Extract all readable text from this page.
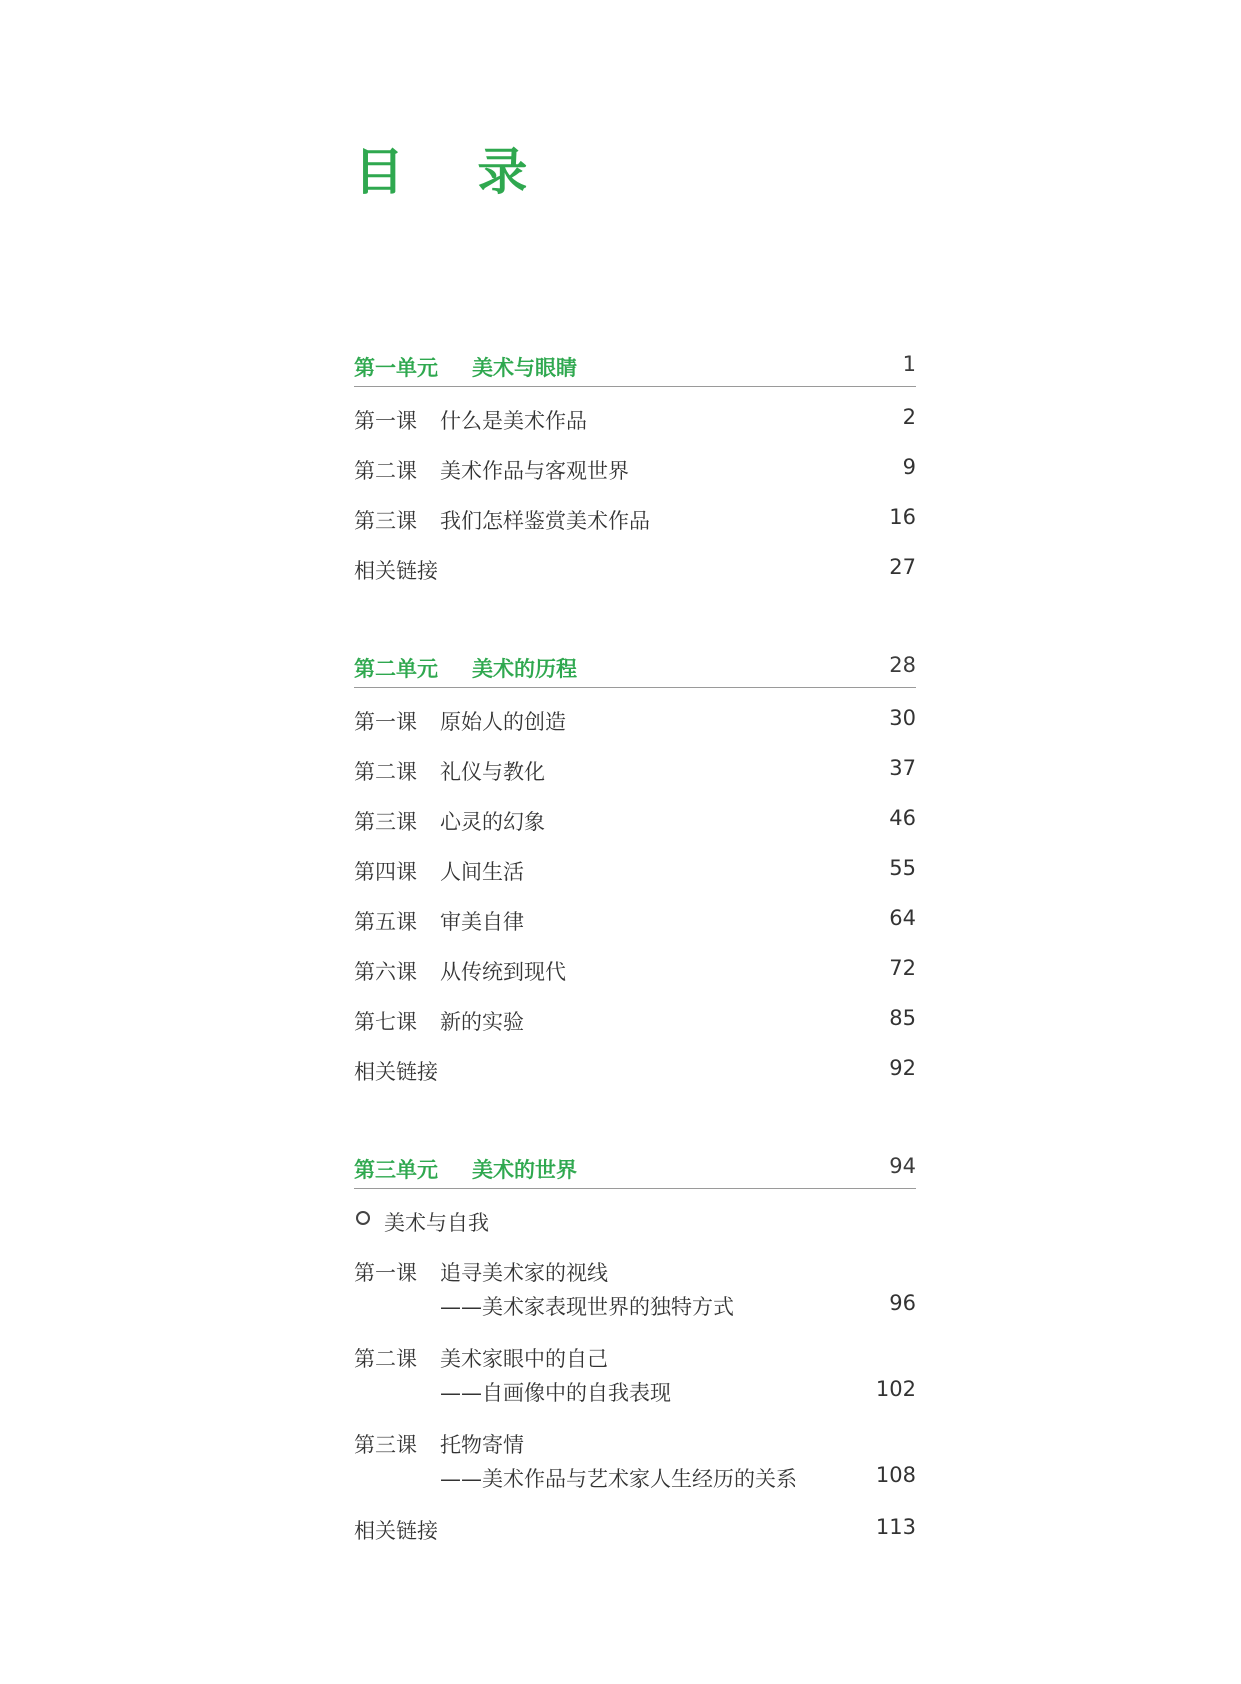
目 录
第一单元 美术与眼睛	1
第一课 什么是美术作品	2
第二课 美术作品与客观世界	9
第三课 我们怎样鉴赏美术作品	16
相关链接	27
第二单元 美术的历程	28
第一课 原始人的创造	30
第二课 礼仪与教化	37
第三课 心灵的幻象	46
第四课 人间生活	55
第五课 审美自律	64
第六课 从传统到现代	72
第七课 新的实验	85
相关链接	92
第三单元 美术的世界	94
美术与自我
第一课 追寻美术家的视线
——美术家表现世界的独特方式	96
第二课 美术家眼中的自己
——自画像中的自我表现	102
第三课 托物寄情
——美术作品与艺术家人生经历的关系	108
相关链接	113
